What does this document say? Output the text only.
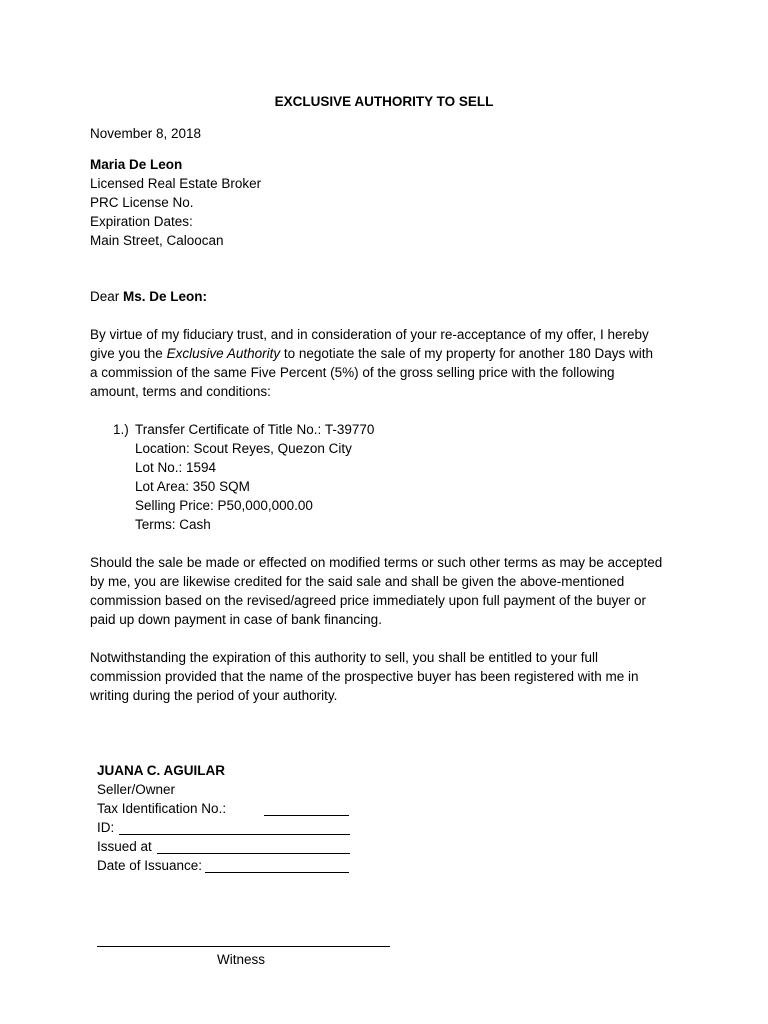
EXCLUSIVE AUTHORITY TO SELL
November 8, 2018
Maria De Leon
Licensed Real Estate Broker
PRC License No.
Expiration Dates:
Main Street, Caloocan
Dear Ms. De Leon:

By virtue of my fiduciary trust, and in consideration of your re-acceptance of my offer, I hereby

give you the Exclusive Authority to negotiate the sale of my property for another 180 Days with

a commission of the same Five Percent (5%) of the gross selling price with the following

amount, terms and conditions:

1.) Transfer Certificate of Title No.: T-39770
Location: Scout Reyes, Quezon City
Lot No.: 1594
Lot Area: 350 SQM
Selling Price: P50,000,000.00
Terms: Cash

Should the sale be made or effected on modified terms or such other terms as may be accepted

by me, you are likewise credited for the said sale and shall be given the above-mentioned

commission based on the revised/agreed price immediately upon full payment of the buyer or

paid up down payment in case of bank financing.

Notwithstanding the expiration of this authority to sell, you shall be entitled to your full

commission provided that the name of the prospective buyer has been registered with me in

writing during the period of your authority.

JUANA C. AGUILAR
Seller/Owner
Tax Identification No.:
ID:
Issued at
Date of Issuance:
Witness
